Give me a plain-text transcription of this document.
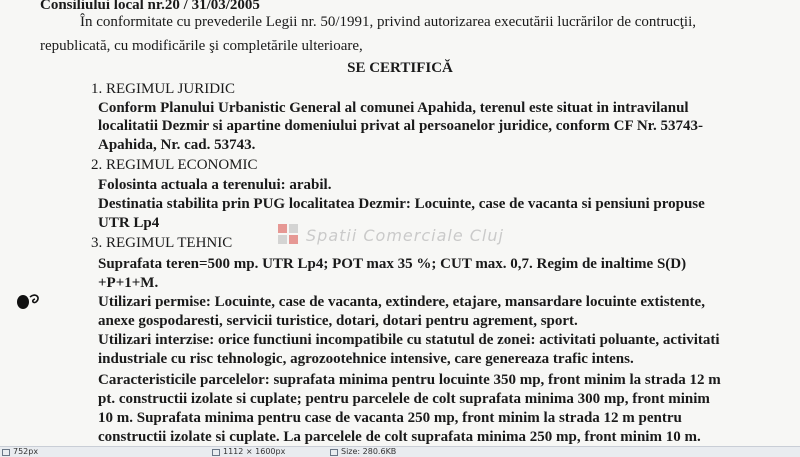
Consiliului local nr.20 / 31/03/2005
În conformitate cu prevederile Legii nr. 50/1991, privind autorizarea executării lucrărilor de contrucţii,
republicată, cu modificările şi completările ulterioare,
SE CERTIFICĂ
1. REGIMUL JURIDIC
Conform Planului Urbanistic General al comunei Apahida, terenul este situat in intravilanul
localitatii Dezmir si apartine domeniului privat al persoanelor juridice, conform CF Nr. 53743-
Apahida, Nr. cad. 53743.
2. REGIMUL ECONOMIC
Folosinta actuala a terenului: arabil.
Destinatia stabilita prin PUG localitatea Dezmir: Locuinte, case de vacanta si pensiuni propuse
UTR Lp4
3. REGIMUL TEHNIC
Suprafata teren=500 mp. UTR Lp4; POT max 35 %; CUT max. 0,7. Regim de inaltime S(D)
+P+1+M.
Utilizari permise: Locuinte, case de vacanta, extindere, etajare, mansardare locuinte extistente,
anexe gospodaresti, servicii turistice, dotari, dotari pentru agrement, sport.
Utilizari interzise: orice functiuni incompatibile cu statutul de zonei: activitati poluante, activitati
industriale cu risc tehnologic, agrozootehnice intensive, care genereaza trafic intens.
Caracteristicile parcelelor: suprafata minima pentru locuinte 350 mp, front minim la strada 12 m
pt. constructii izolate si cuplate; pentru parcelele de colt suprafata minima 300 mp, front minim
10 m. Suprafata minima pentru case de vacanta 250 mp, front minim la strada 12 m pentru
constructii izolate si cuplate. La parcelele de colt suprafata minima 250 mp, front minim 10 m.
Spatii Comerciale Cluj
752px	1112 × 1600px	Size: 280.6KB
